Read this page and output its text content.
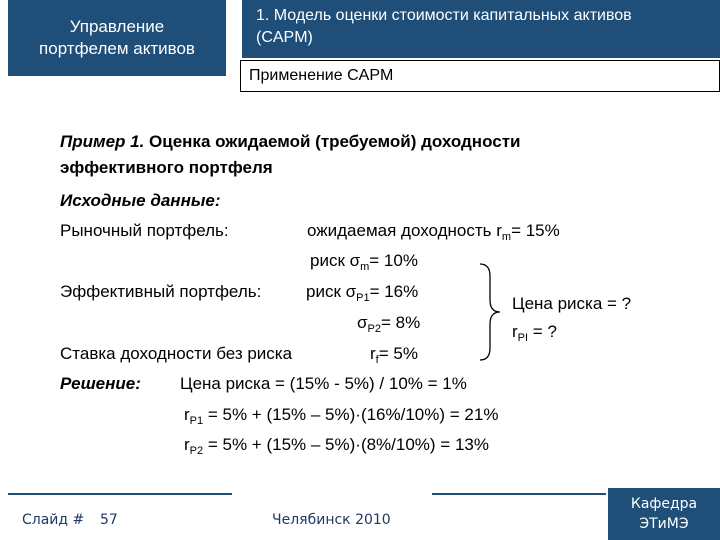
Управление
портфелем активов
1. Модель оценки стоимости капитальных активов
(CAPM)
Применение CAPM
Пример 1. Оценка ожидаемой (требуемой) доходности
эффективного портфеля
Исходные данные:
Рыночный портфель:	ожидаемая доходность $r_m= 15\%$
риск $\sigma_m= 10\%$
Эффективный портфель:	риск $\sigma_{P1}= 16\%$
$\sigma_{P2}= 8\%$
Цена риска = ?
$r_{PI}$ = ?
Ставка доходности без риска	$r_f= 5\%$
Решение: Цена риска = (15% - 5%) / 10% = 1%
$r_{P1} = 5\% + (15\% - 5\%)\cdot(16\%/10\%) = 21\%$
$r_{P2} = 5\% + (15\% - 5\%)\cdot(8\%/10\%) = 13\%$
Слайд # 57	Челябинск 2010
Кафедра
ЭТиМЭ
